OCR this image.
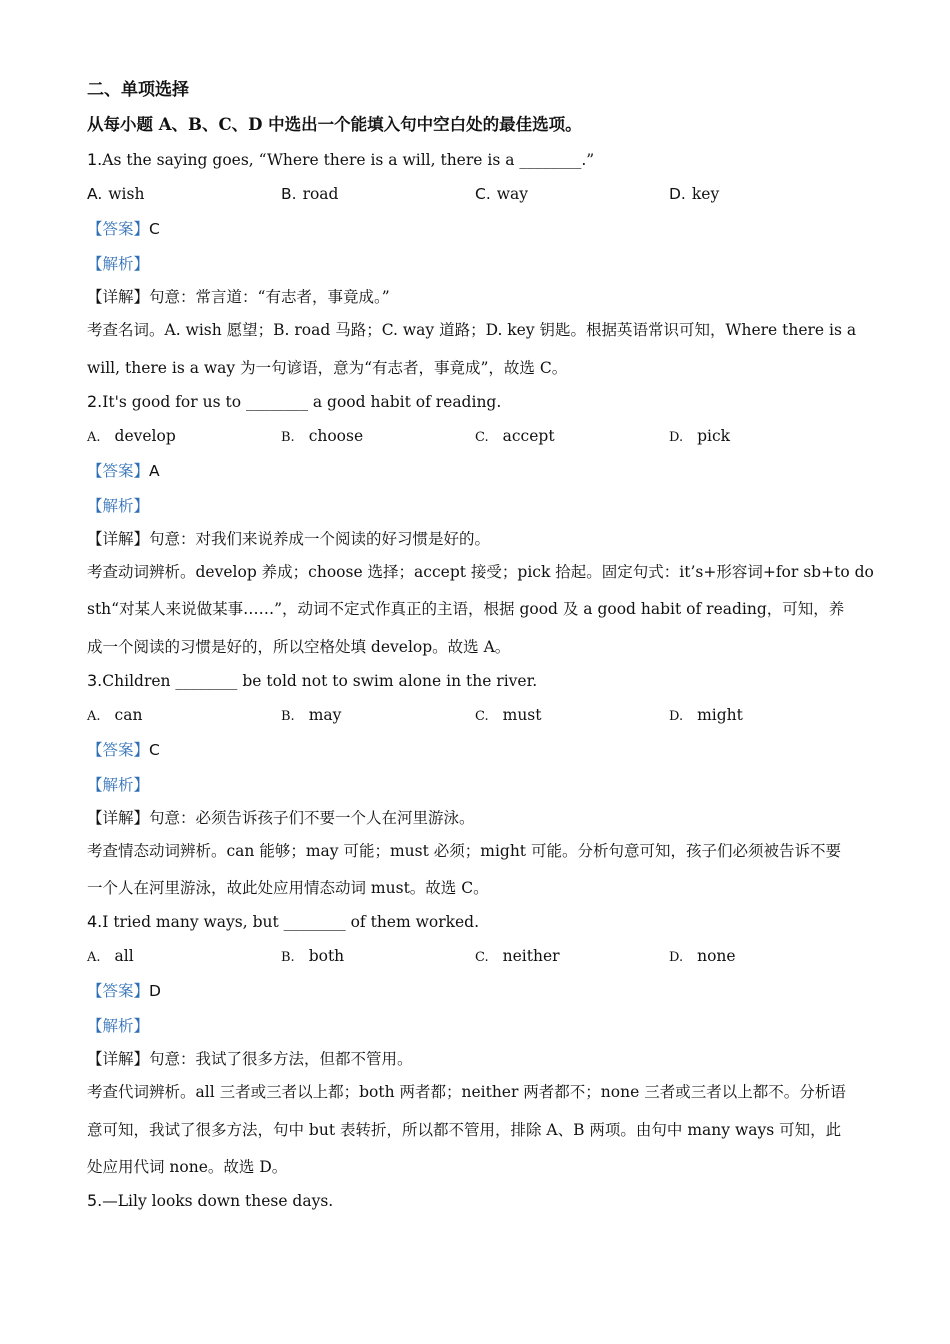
二、单项选择
从每小题 A、B、C、D 中选出一个能填入句中空白处的最佳选项。
1.As the saying goes, “Where there is a will, there is a ________.”
A. wish	B. road	C. way	D. key
【答案】C
【解析】
【详解】句意：常言道：“有志者，事竟成。”
考查名词。A. wish 愿望；B. road 马路；C. way 道路；D. key 钥匙。根据英语常识可知，Where there is a
will, there is a way 为一句谚语，意为“有志者，事竟成”，故选 C。
2.It's good for us to ________ a good habit of reading.
A. develop	B. choose	C. accept	D. pick
【答案】A
【解析】
【详解】句意：对我们来说养成一个阅读的好习惯是好的。
考查动词辨析。develop 养成；choose 选择；accept 接受；pick 拾起。固定句式：it’s+形容词+for sb+to do
sth“对某人来说做某事……”，动词不定式作真正的主语，根据 good 及 a good habit of reading，可知，养
成一个阅读的习惯是好的，所以空格处填 develop。故选 A。
3.Children ________ be told not to swim alone in the river.
A. can	B. may	C. must	D. might
【答案】C
【解析】
【详解】句意：必须告诉孩子们不要一个人在河里游泳。
考查情态动词辨析。can 能够；may 可能；must 必须；might 可能。分析句意可知，孩子们必须被告诉不要
一个人在河里游泳，故此处应用情态动词 must。故选 C。
4.I tried many ways, but ________ of them worked.
A. all	B. both	C. neither	D. none
【答案】D
【解析】
【详解】句意：我试了很多方法，但都不管用。
考查代词辨析。all 三者或三者以上都；both 两者都；neither 两者都不；none 三者或三者以上都不。分析语
意可知，我试了很多方法，句中 but 表转折，所以都不管用，排除 A、B 两项。由句中 many ways 可知，此
处应用代词 none。故选 D。
5.—Lily looks down these days.
